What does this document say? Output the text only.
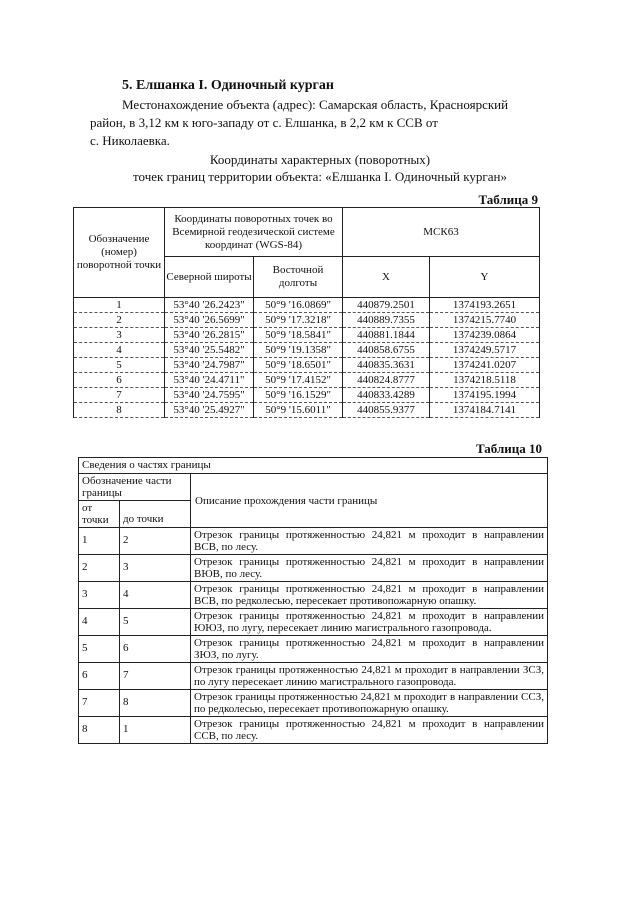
5. Елшанка I. Одиночный курган
Местонахождение объекта (адрес): Самарская область, Красноярский
район, в 3,12 км к юго-западу от с. Елшанка, в 2,2 км к ССВ от
с. Николаевка.
Координаты характерных (поворотных)
точек границ территории объекта: «Елшанка I. Одиночный курган»
Таблица 9
Обозначение (номер) поворотной точки	Координаты поворотных точек во Всемирной геодезической системе координат (WGS-84)		МСК63	
	Северной широты	Восточной долготы	X	Y
1	53°40 '26.2423"	50°9 '16.0869"	440879.2501	1374193.2651
2	53°40 '26.5699"	50°9 '17.3218"	440889.7355	1374215.7740
3	53°40 '26.2815"	50°9 '18.5841"	440881.1844	1374239.0864
4	53°40 '25.5482"	50°9 '19.1358"	440858.6755	1374249.5717
5	53°40 '24.7987"	50°9 '18.6501"	440835.3631	1374241.0207
6	53°40 '24.4711"	50°9 '17.4152"	440824.8777	1374218.5118
7	53°40 '24.7595"	50°9 '16.1529"	440833.4289	1374195.1994
8	53°40 '25.4927"	50°9 '15.6011"	440855.9377	1374184.7141
Таблица 10
Сведения о частях границы		
Обозначение части границы		Описание прохождения части границы
от точки	до точки	
1	2	Отрезок границы протяженностью 24,821 м проходит в направлении ВСВ, по лесу.
2	3	Отрезок границы протяженностью 24,821 м проходит в направлении ВЮВ, по лесу.
3	4	Отрезок границы протяженностью 24,821 м проходит в направлении ВСВ, по редколесью, пересекает противопожарную опашку.
4	5	Отрезок границы протяженностью 24,821 м проходит в направлении ЮЮЗ, по лугу, пересекает линию магистрального газопровода.
5	6	Отрезок границы протяженностью 24,821 м проходит в направлении ЗЮЗ, по лугу.
6	7	Отрезок границы протяженностью 24,821 м проходит в направлении ЗСЗ, по лугу пересекает линию магистрального газопровода.
7	8	Отрезок границы протяженностью 24,821 м проходит в направлении ССЗ, по редколесью, пересекает противопожарную опашку.
8	1	Отрезок границы протяженностью 24,821 м проходит в направлении ССВ, по лесу.
